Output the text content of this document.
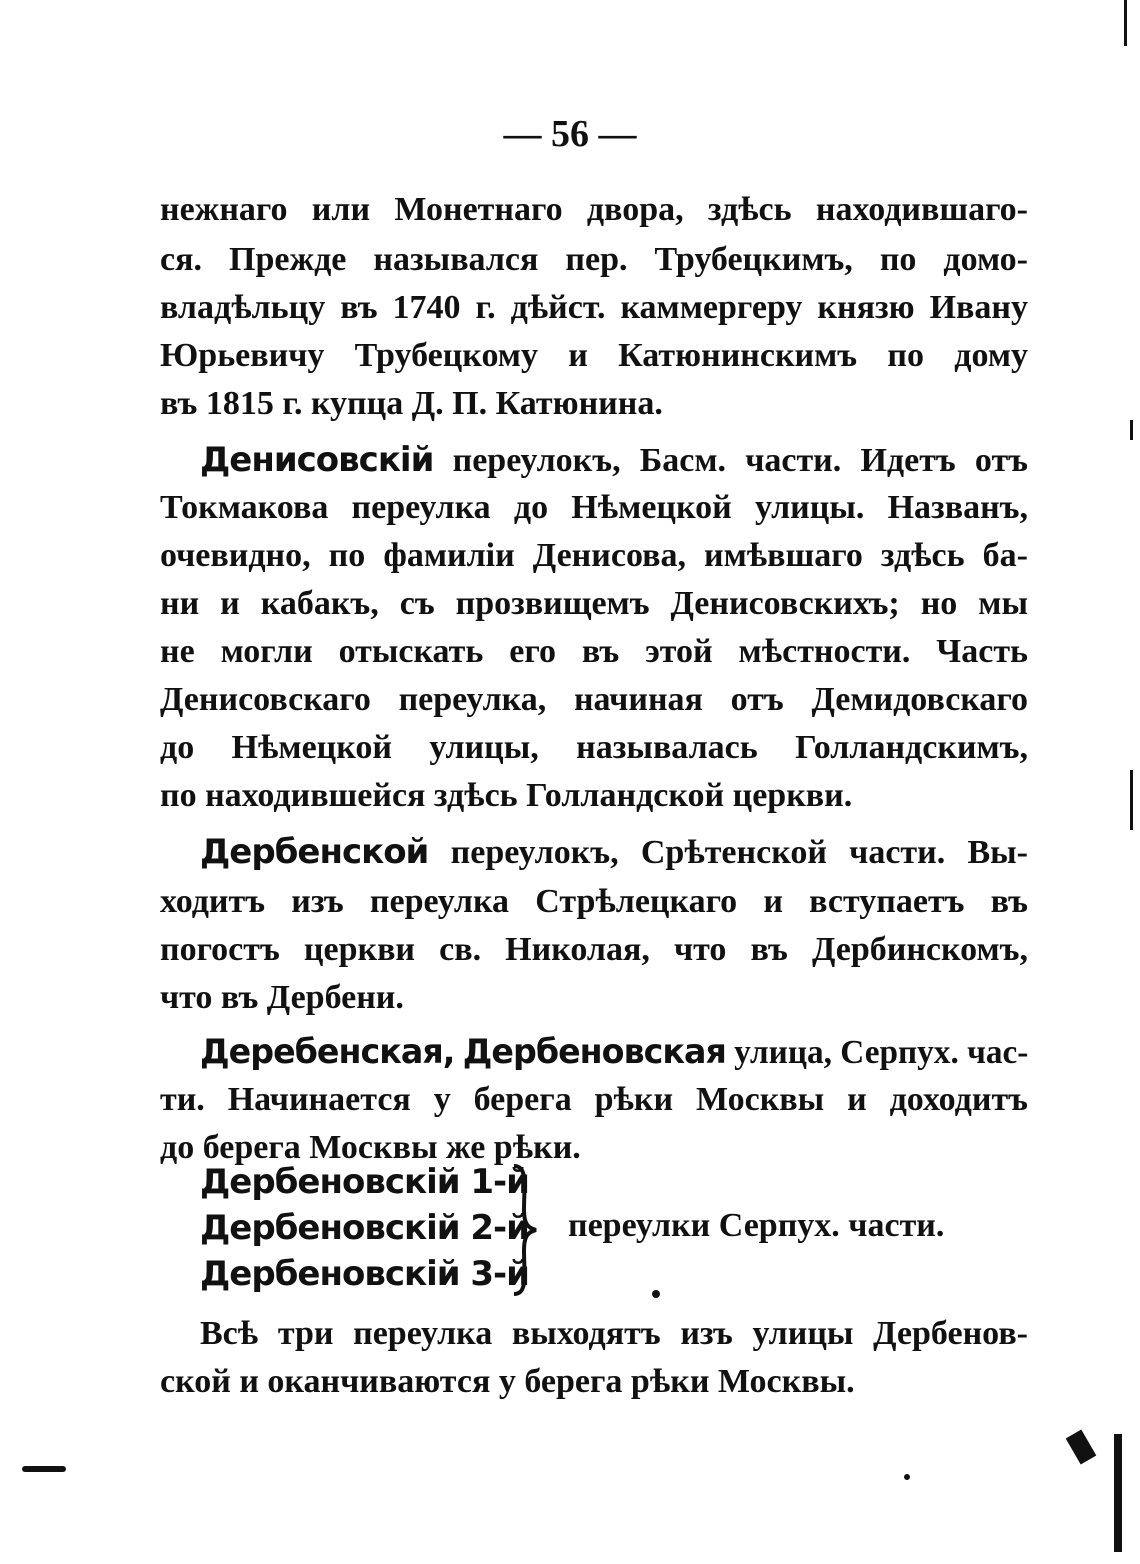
— 56 —
нежнаго или Монетнаго двора, здѣсь находившаго-
ся. Прежде назывался пер. Трубецкимъ, по домо-
владѣльцу въ 1740 г. дѣйст. каммергеру князю Ивану
Юрьевичу Трубецкому и Катюнинскимъ по дому
въ 1815 г. купца Д. П. Катюнина.
Денисовскій переулокъ, Басм. части. Идетъ отъ
Токмакова переулка до Нѣмецкой улицы. Названъ,
очевидно, по фамиліи Денисова, имѣвшаго здѣсь ба-
ни и кабакъ, съ прозвищемъ Денисовскихъ; но мы
не могли отыскать его въ этой мѣстности. Часть
Денисовскаго переулка, начиная отъ Демидовскаго
до Нѣмецкой улицы, называлась Голландскимъ,
по находившейся здѣсь Голландской церкви.
Дербенской переулокъ, Срѣтенской части. Вы-
ходитъ изъ переулка Стрѣлецкаго и вступаетъ въ
погостъ церкви св. Николая, что въ Дербинскомъ,
что въ Дербени.
Деребенская, Дербеновская улица, Серпух. час-
ти. Начинается у берега рѣки Москвы и доходитъ
до берега Москвы же рѣки.
Дербеновскій 1-й
Дербеновскій 2-й
Дербеновскій 3-й
переулки Серпух. части.
Всѣ три переулка выходятъ изъ улицы Дербенов-
ской и оканчиваются у берега рѣки Москвы.
